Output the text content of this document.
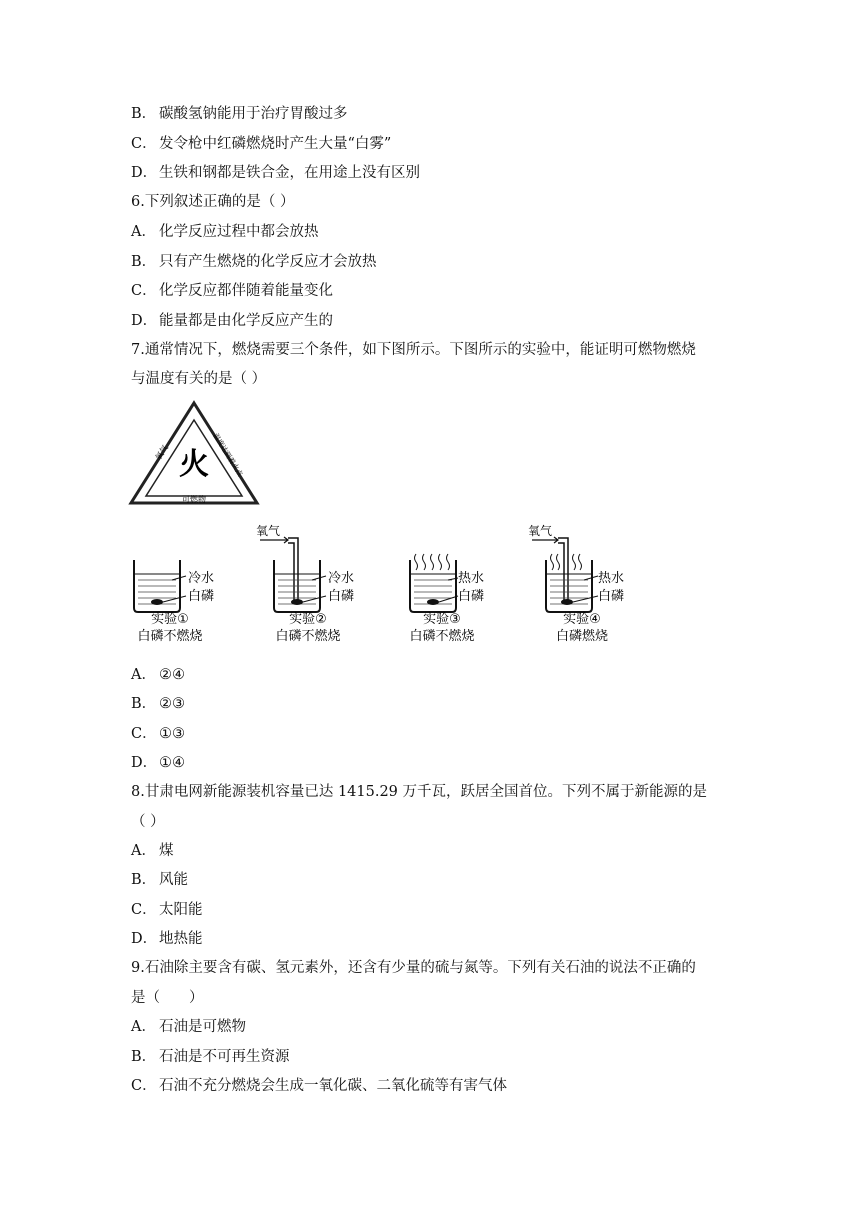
B． 碳酸氢钠能用于治疗胃酸过多
C． 发令枪中红磷燃烧时产生大量“白雾”
D． 生铁和钢都是铁合金，在用途上没有区别
6.下列叙述正确的是（ ）
A． 化学反应过程中都会放热
B． 只有产生燃烧的化学反应才会放热
C． 化学反应都伴随着能量变化
D． 能量都是由化学反应产生的
7.通常情况下，燃烧需要三个条件，如下图所示。下图所示的实验中，能证明可燃物燃烧
与温度有关的是（ ）
火
氧气	温度达到着火点
可燃物
冷水
白磷
实验①
白磷不燃烧
氧气
冷水
白磷
实验②
白磷不燃烧
热水
白磷
实验③
白磷不燃烧
氧气
热水
白磷
实验④
白磷燃烧
A． ②④
B． ②③
C． ①③
D． ①④
8.甘肃电网新能源装机容量已达 1415.29 万千瓦，跃居全国首位。下列不属于新能源的是
（ ）
A． 煤
B． 风能
C． 太阳能
D． 地热能
9.石油除主要含有碳、氢元素外，还含有少量的硫与氮等。下列有关石油的说法不正确的
是（　　）
A． 石油是可燃物
B． 石油是不可再生资源
C． 石油不充分燃烧会生成一氧化碳、二氧化硫等有害气体
